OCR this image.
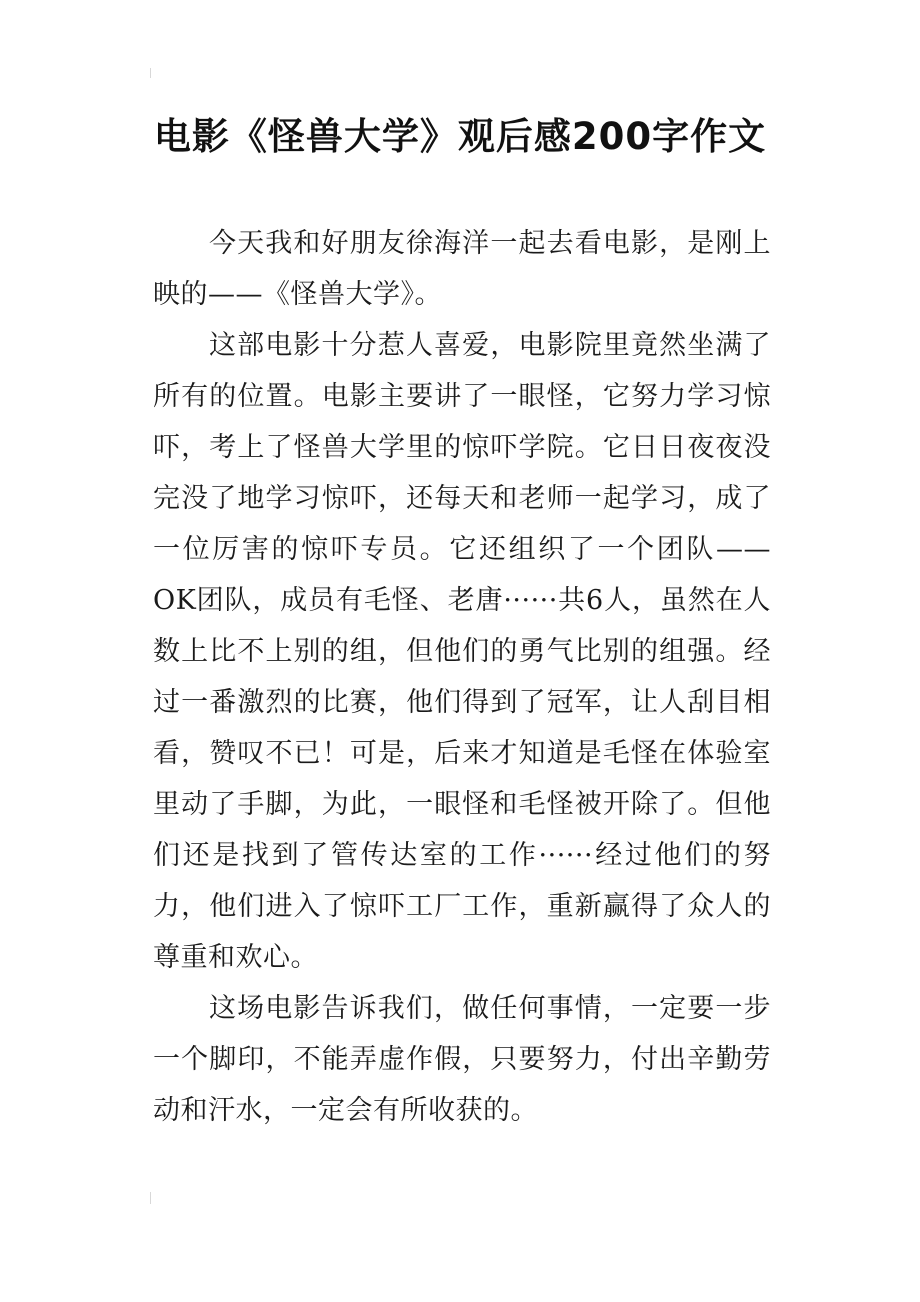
电影《怪兽大学》观后感200字作文

今天我和好朋友徐海洋一起去看电影，是刚上映的——《怪兽大学》。

这部电影十分惹人喜爱，电影院里竟然坐满了所有的位置。电影主要讲了一眼怪，它努力学习惊吓，考上了怪兽大学里的惊吓学院。它日日夜夜没完没了地学习惊吓，还每天和老师一起学习，成了一位厉害的惊吓专员。它还组织了一个团队—— OK团队，成员有毛怪、老唐······共6人，虽然在人数上比不上别的组，但他们的勇气比别的组强。经过一番激烈的比赛，他们得到了冠军，让人刮目相看，赞叹不已！可是，后来才知道是毛怪在体验室里动了手脚，为此，一眼怪和毛怪被开除了。但他们还是找到了管传达室的工作······经过他们的努力，他们进入了惊吓工厂工作，重新赢得了众人的尊重和欢心。

这场电影告诉我们，做任何事情，一定要一步一个脚印，不能弄虚作假，只要努力，付出辛勤劳动和汗水，一定会有所收获的。
